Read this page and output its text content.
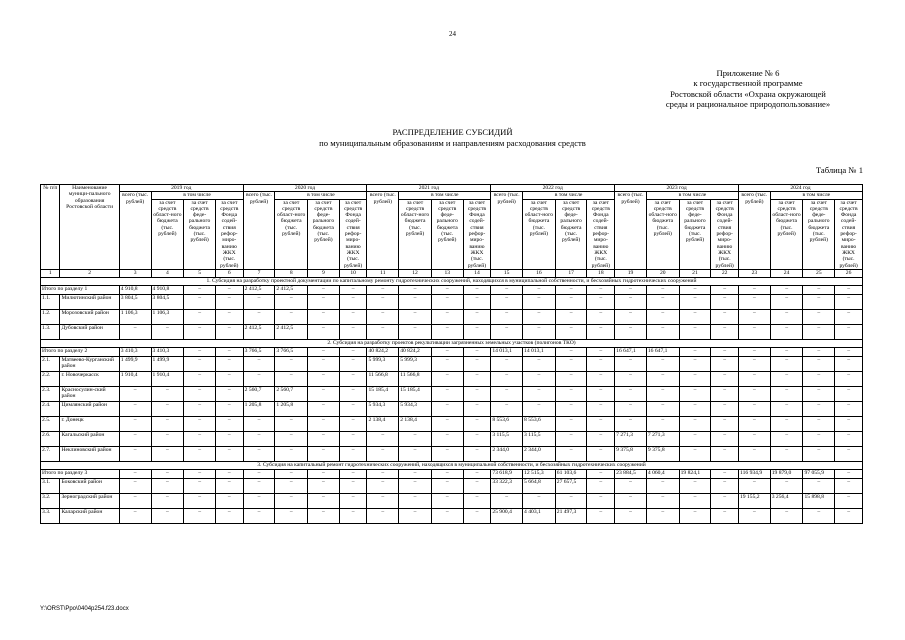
24
Приложение № 6
к государственной программе
Ростовской области «Охрана окружающей
среды и рациональное природопользование»
РАСПРЕДЕЛЕНИЕ СУБСИДИЙ
по муниципальным образованиям и направлениям расходования средств
Таблица № 1
№ п/п	Наименование муници-пального образования Ростовской области	2019 год				2020 год				2021 год				2022 год				2023 год				2024 год			
		всего (тыс. рублей)	в том числе			всего (тыс. рублей)	в том числе			всего (тыс. рублей)	в том числе			всего (тыс. рублей)	в том числе			всего (тыс. рублей)	в том числе			всего (тыс. рублей)	в том числе		
			за счет средств област-ного бюджета (тыс. рублей)	за счет средств феде-рального бюджета (тыс. рублей)	за счет средств Фонда содей-ствия рефор-миро-ванию ЖКХ (тыс. рублей)		за счет средств област-ного бюджета (тыс. рублей)	за счет средств феде-рального бюджета (тыс. рублей)	за счет средств Фонда содей-ствия рефор-миро-ванию ЖКХ (тыс. рублей)		за счет средств област-ного бюджета (тыс. рублей)	за счет средств феде-рального бюджета (тыс. рублей)	за счет средств Фонда содей-ствия рефор-миро-ванию ЖКХ (тыс. рублей)		за счет средств област-ного бюджета (тыс. рублей)	за счет средств феде-рального бюджета (тыс. рублей)	за счет средств Фонда содей-ствия рефор-миро-ванию ЖКХ (тыс. рублей)		за счет средств област-ного бюджета (тыс. рублей)	за счет средств феде-рального бюджета (тыс. рублей)	за счет средств Фонда содей-ствия рефор-миро-ванию ЖКХ (тыс. рублей)		за счет средств област-ного бюджета (тыс. рублей)	за счет средств феде-рального бюджета (тыс. рублей)	за счет средств Фонда содей-ствия рефор-миро-ванию ЖКХ (тыс. рублей)
1	2	3	4	5	6	7	8	9	10	11	12	13	14	15	16	17	18	19	20	21	22	23	24	25	26
1. Субсидия на разработку проектной документации по капитальному ремонту гидротехнических сооружений, находящихся в муниципальной собственности, и бесхозяйных гидротехнических сооружений																									
Итого по разделу 1		4 910,8	4 910,8	–	–	2 412,5	2 412,5	–	–	–	–	–	–	–	–	–	–	–	–	–	–	–	–	–	–
1.1.	Милютинский район	3 804,5	3 804,5	–	–	–	–	–	–	–	–	–	–	–	–	–	–	–	–	–	–	–	–	–	–
1.2.	Морозовский район	1 106,3	1 106,3	–	–	–	–	–	–	–	–	–	–	–	–	–	–	–	–	–	–	–	–	–	–
1.3.	Дубовский район	–	–	–	–	2 412,5	2 412,5	–	–	–	–	–	–	–	–	–	–	–	–	–	–	–	–	–	–
2. Субсидия на разработку проектов рекультивации загрязненных земельных участков (полигонов ТКО)																									
Итого по разделу 2		3 410,3	3 410,3	–	–	3 766,5	3 766,5	–	–	40 824,2	40 824,2	–	–	14 013,1	14 013,1	–	–	16 647,1	16 647,1	–	–	–	–	–	–
2.1.	Матвеево-Курганский район	1 499,9	1 499,9	–	–	–	–	–	–	5 999,3	5 999,3	–	–	–	–	–	–	–	–	–	–	–	–	–	–
2.2.	г. Новочеркасск	1 910,4	1 910,4	–	–	–	–	–	–	11 566,8	11 566,8	–	–	–	–	–	–	–	–	–	–	–	–	–	–
2.3.	Красносулин-ский район	–	–	–	–	2 560,7	2 560,7	–	–	15 185,4	15 185,4	–	–	–	–	–	–	–	–	–	–	–	–	–	–
2.4.	Цимлянский район	–	–	–	–	1 205,8	1 205,8	–	–	5 934,3	5 934,3	–	–	–	–	–	–	–	–	–	–	–	–	–	–
2.5.	г. Донецк	–	–	–	–	–	–	–	–	2 138,4	2 138,4	–	–	8 553,6	8 553,6	–	–	–	–	–	–	–	–	–	–
2.6.	Кагальский район	–	–	–	–	–	–	–	–	–	–	–	–	3 115,5	3 115,5	–	–	7 271,3	7 271,3	–	–	–	–	–	–
2.7.	Неклиновский район	–	–	–	–	–	–	–	–	–	–	–	–	2 344,0	2 344,0	–	–	9 375,8	9 375,8	–	–	–	–	–	–
3. Субсидия на капитальный ремонт гидротехнических сооружений, находящихся в муниципальной собственности, и бесхозяйных гидротехнических сооружений																									
Итого по разделу 3		–	–	–	–	–	–	–	–	–	–	–	–	73 618,9	12 515,3	61 103,6	–	23 884,5	4 060,4	19 824,1	–	116 934,9	19 879,0	97 055,9	–
3.1.	Боковский район	–	–	–	–	–	–	–	–	–	–	–	–	33 322,3	5 664,8	27 657,5	–	–	–	–	–	–	–	–	–
3.2.	Зерноградский район	–	–	–	–	–	–	–	–	–	–	–	–	–	–	–	–	–	–	–	–	19 155,2	3 256,4	15 898,8	–
3.3.	Каларский район	–	–	–	–	–	–	–	–	–	–	–	–	25 900,4	4 403,1	21 497,3	–	–	–	–	–	–	–	–	–
Y:\ORST\Ppo\0404p254.f23.docx
